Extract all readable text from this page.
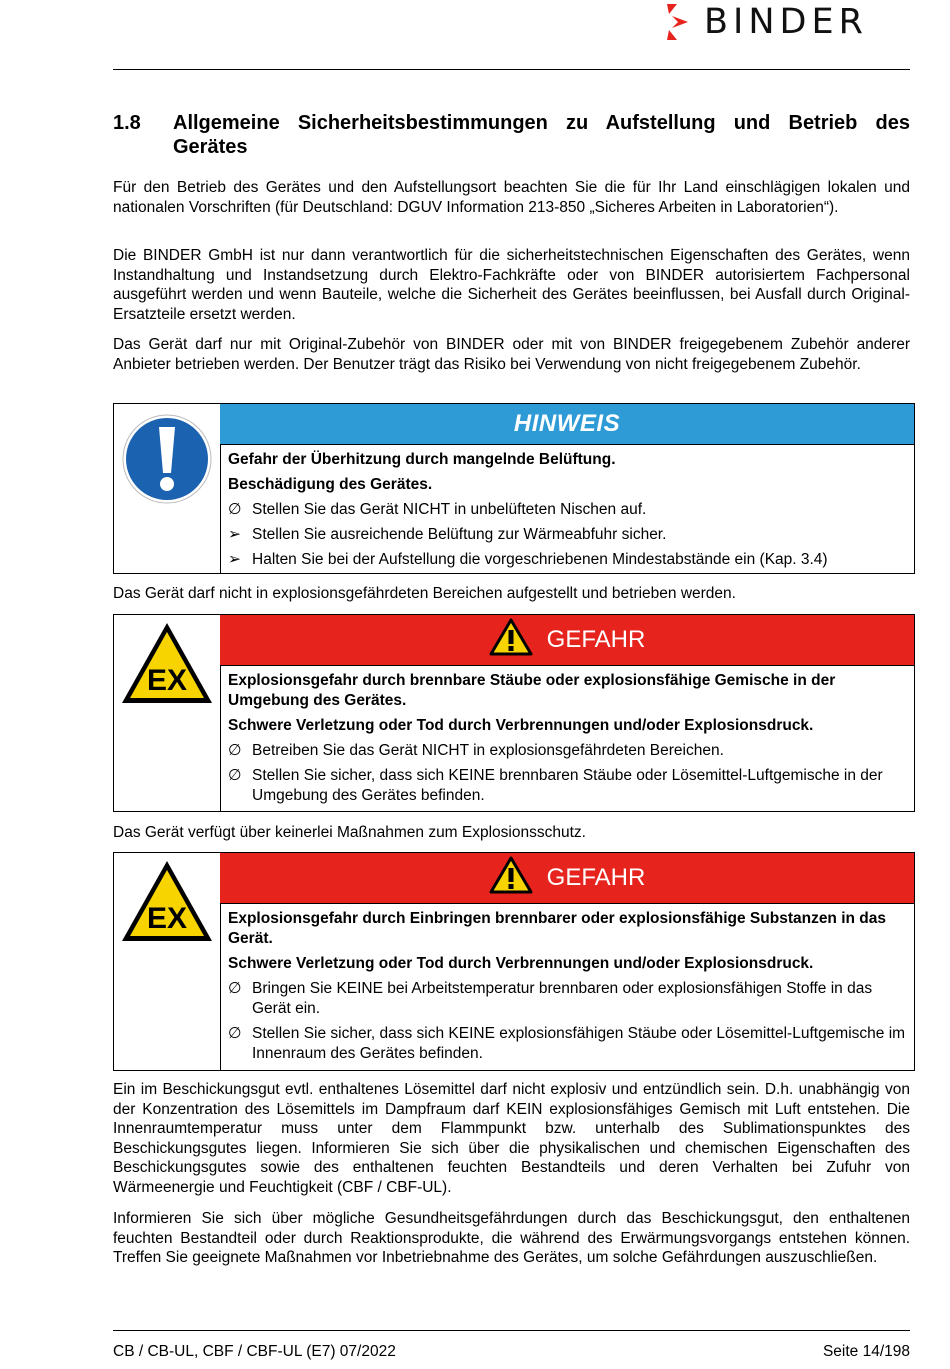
BINDER
1.8 Allgemeine Sicherheitsbestimmungen zu Aufstellung und Betrieb des Gerätes
Für den Betrieb des Gerätes und den Aufstellungsort beachten Sie die für Ihr Land einschlägigen lokalen und nationalen Vorschriften (für Deutschland: DGUV Information 213-850 „Sicheres Arbeiten in Laboratorien“).
Die BINDER GmbH ist nur dann verantwortlich für die sicherheitstechnischen Eigenschaften des Gerätes, wenn Instandhaltung und Instandsetzung durch Elektro-Fachkräfte oder von BINDER autorisiertem Fachpersonal ausgeführt werden und wenn Bauteile, welche die Sicherheit des Gerätes beeinflussen, bei Ausfall durch Original-Ersatzteile ersetzt werden.
Das Gerät darf nur mit Original-Zubehör von BINDER oder mit von BINDER freigegebenem Zubehör anderer Anbieter betrieben werden. Der Benutzer trägt das Risiko bei Verwendung von nicht freigegebenem Zubehör.
HINWEIS
Gefahr der Überhitzung durch mangelnde Belüftung.
Beschädigung des Gerätes.
∅ Stellen Sie das Gerät NICHT in unbelüfteten Nischen auf.
➢ Stellen Sie ausreichende Belüftung zur Wärmeabfuhr sicher.
➢ Halten Sie bei der Aufstellung die vorgeschriebenen Mindestabstände ein (Kap. 3.4)
Das Gerät darf nicht in explosionsgefährdeten Bereichen aufgestellt und betrieben werden.
EX
GEFAHR
Explosionsgefahr durch brennbare Stäube oder explosionsfähige Gemische in der Umgebung des Gerätes.
Schwere Verletzung oder Tod durch Verbrennungen und/oder Explosionsdruck.
∅ Betreiben Sie das Gerät NICHT in explosionsgefährdeten Bereichen.
∅ Stellen Sie sicher, dass sich KEINE brennbaren Stäube oder Lösemittel-Luftgemische in der Umgebung des Gerätes befinden.
Das Gerät verfügt über keinerlei Maßnahmen zum Explosionsschutz.
EX
GEFAHR
Explosionsgefahr durch Einbringen brennbarer oder explosionsfähige Substanzen in das Gerät.
Schwere Verletzung oder Tod durch Verbrennungen und/oder Explosionsdruck.
∅ Bringen Sie KEINE bei Arbeitstemperatur brennbaren oder explosionsfähigen Stoffe in das Gerät ein.
∅ Stellen Sie sicher, dass sich KEINE explosionsfähigen Stäube oder Lösemittel-Luftgemische im Innenraum des Gerätes befinden.
Ein im Beschickungsgut evtl. enthaltenes Lösemittel darf nicht explosiv und entzündlich sein. D.h. unabhängig von der Konzentration des Lösemittels im Dampfraum darf KEIN explosionsfähiges Gemisch mit Luft entstehen. Die Innenraumtemperatur muss unter dem Flammpunkt bzw. unterhalb des Sublimationspunktes des Beschickungsgutes liegen. Informieren Sie sich über die physikalischen und chemischen Eigenschaften des Beschickungsgutes sowie des enthaltenen feuchten Bestandteils und deren Verhalten bei Zufuhr von Wärmeenergie und Feuchtigkeit (CBF / CBF-UL).
Informieren Sie sich über mögliche Gesundheitsgefährdungen durch das Beschickungsgut, den enthaltenen feuchten Bestandteil oder durch Reaktionsprodukte, die während des Erwärmungsvorgangs entstehen können. Treffen Sie geeignete Maßnahmen vor Inbetriebnahme des Gerätes, um solche Gefährdungen auszuschließen.
CB / CB-UL, CBF / CBF-UL (E7) 07/2022	Seite 14/198
